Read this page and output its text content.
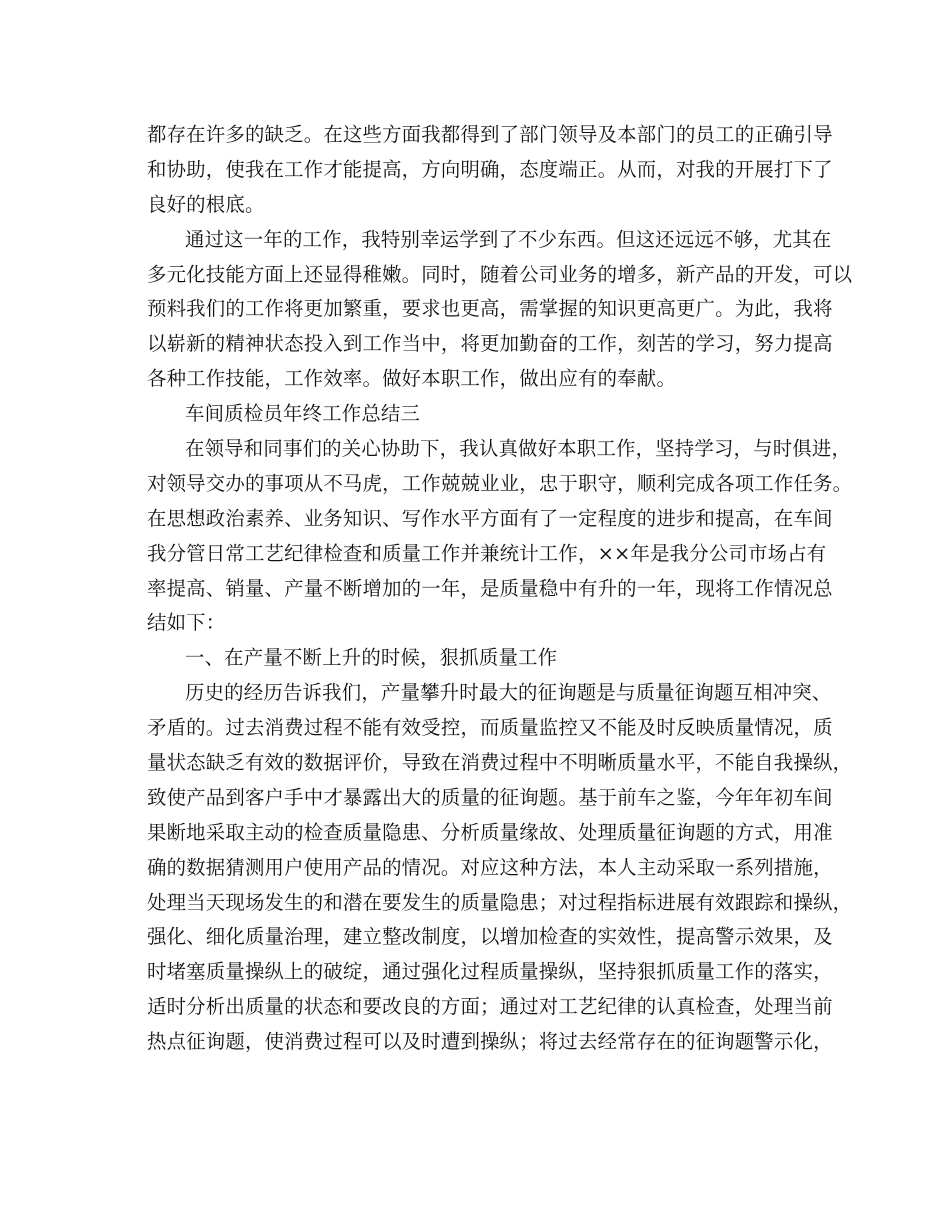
都存在许多的缺乏。在这些方面我都得到了部门领导及本部门的员工的正确引导
和协助，使我在工作才能提高，方向明确，态度端正。从而，对我的开展打下了
良好的根底。
通过这一年的工作，我特别幸运学到了不少东西。但这还远远不够，尤其在
多元化技能方面上还显得稚嫩。同时，随着公司业务的增多，新产品的开发，可以
预料我们的工作将更加繁重，要求也更高，需掌握的知识更高更广。为此，我将
以崭新的精神状态投入到工作当中，将更加勤奋的工作，刻苦的学习，努力提高
各种工作技能，工作效率。做好本职工作，做出应有的奉献。
车间质检员年终工作总结三
在领导和同事们的关心协助下，我认真做好本职工作，坚持学习，与时俱进，
对领导交办的事项从不马虎，工作兢兢业业，忠于职守，顺利完成各项工作任务。
在思想政治素养、业务知识、写作水平方面有了一定程度的进步和提高，在车间
我分管日常工艺纪律检查和质量工作并兼统计工作，××年是我分公司市场占有
率提高、销量、产量不断增加的一年，是质量稳中有升的一年，现将工作情况总
结如下：
一、在产量不断上升的时候，狠抓质量工作
历史的经历告诉我们，产量攀升时最大的征询题是与质量征询题互相冲突、
矛盾的。过去消费过程不能有效受控，而质量监控又不能及时反映质量情况，质
量状态缺乏有效的数据评价，导致在消费过程中不明晰质量水平，不能自我操纵，
致使产品到客户手中才暴露出大的质量的征询题。基于前车之鉴，今年年初车间
果断地采取主动的检查质量隐患、分析质量缘故、处理质量征询题的方式，用准
确的数据猜测用户使用产品的情况。对应这种方法，本人主动采取一系列措施，
处理当天现场发生的和潜在要发生的质量隐患；对过程指标进展有效跟踪和操纵，
强化、细化质量治理，建立整改制度，以增加检查的实效性，提高警示效果，及
时堵塞质量操纵上的破绽，通过强化过程质量操纵，坚持狠抓质量工作的落实，
适时分析出质量的状态和要改良的方面；通过对工艺纪律的认真检查，处理当前
热点征询题，使消费过程可以及时遭到操纵；将过去经常存在的征询题警示化，
